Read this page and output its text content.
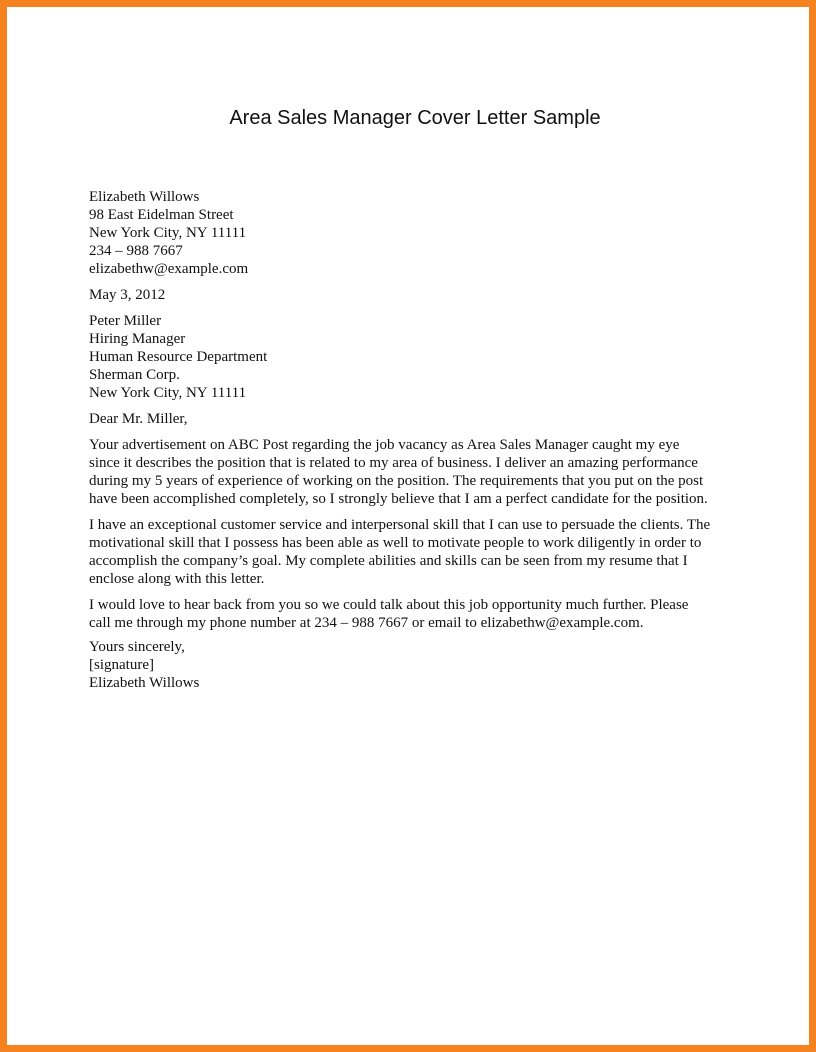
Area Sales Manager Cover Letter Sample
Elizabeth Willows
98 East Eidelman Street
New York City, NY 11111
234 – 988 7667
elizabethw@example.com
May 3, 2012
Peter Miller
Hiring Manager
Human Resource Department
Sherman Corp.
New York City, NY 11111
Dear Mr. Miller,
Your advertisement on ABC Post regarding the job vacancy as Area Sales Manager caught my eye
since it describes the position that is related to my area of business. I deliver an amazing performance
during my 5 years of experience of working on the position. The requirements that you put on the post
have been accomplished completely, so I strongly believe that I am a perfect candidate for the position.
I have an exceptional customer service and interpersonal skill that I can use to persuade the clients. The
motivational skill that I possess has been able as well to motivate people to work diligently in order to
accomplish the company’s goal. My complete abilities and skills can be seen from my resume that I
enclose along with this letter.
I would love to hear back from you so we could talk about this job opportunity much further. Please
call me through my phone number at 234 – 988 7667 or email to elizabethw@example.com.
Yours sincerely,
[signature]
Elizabeth Willows
